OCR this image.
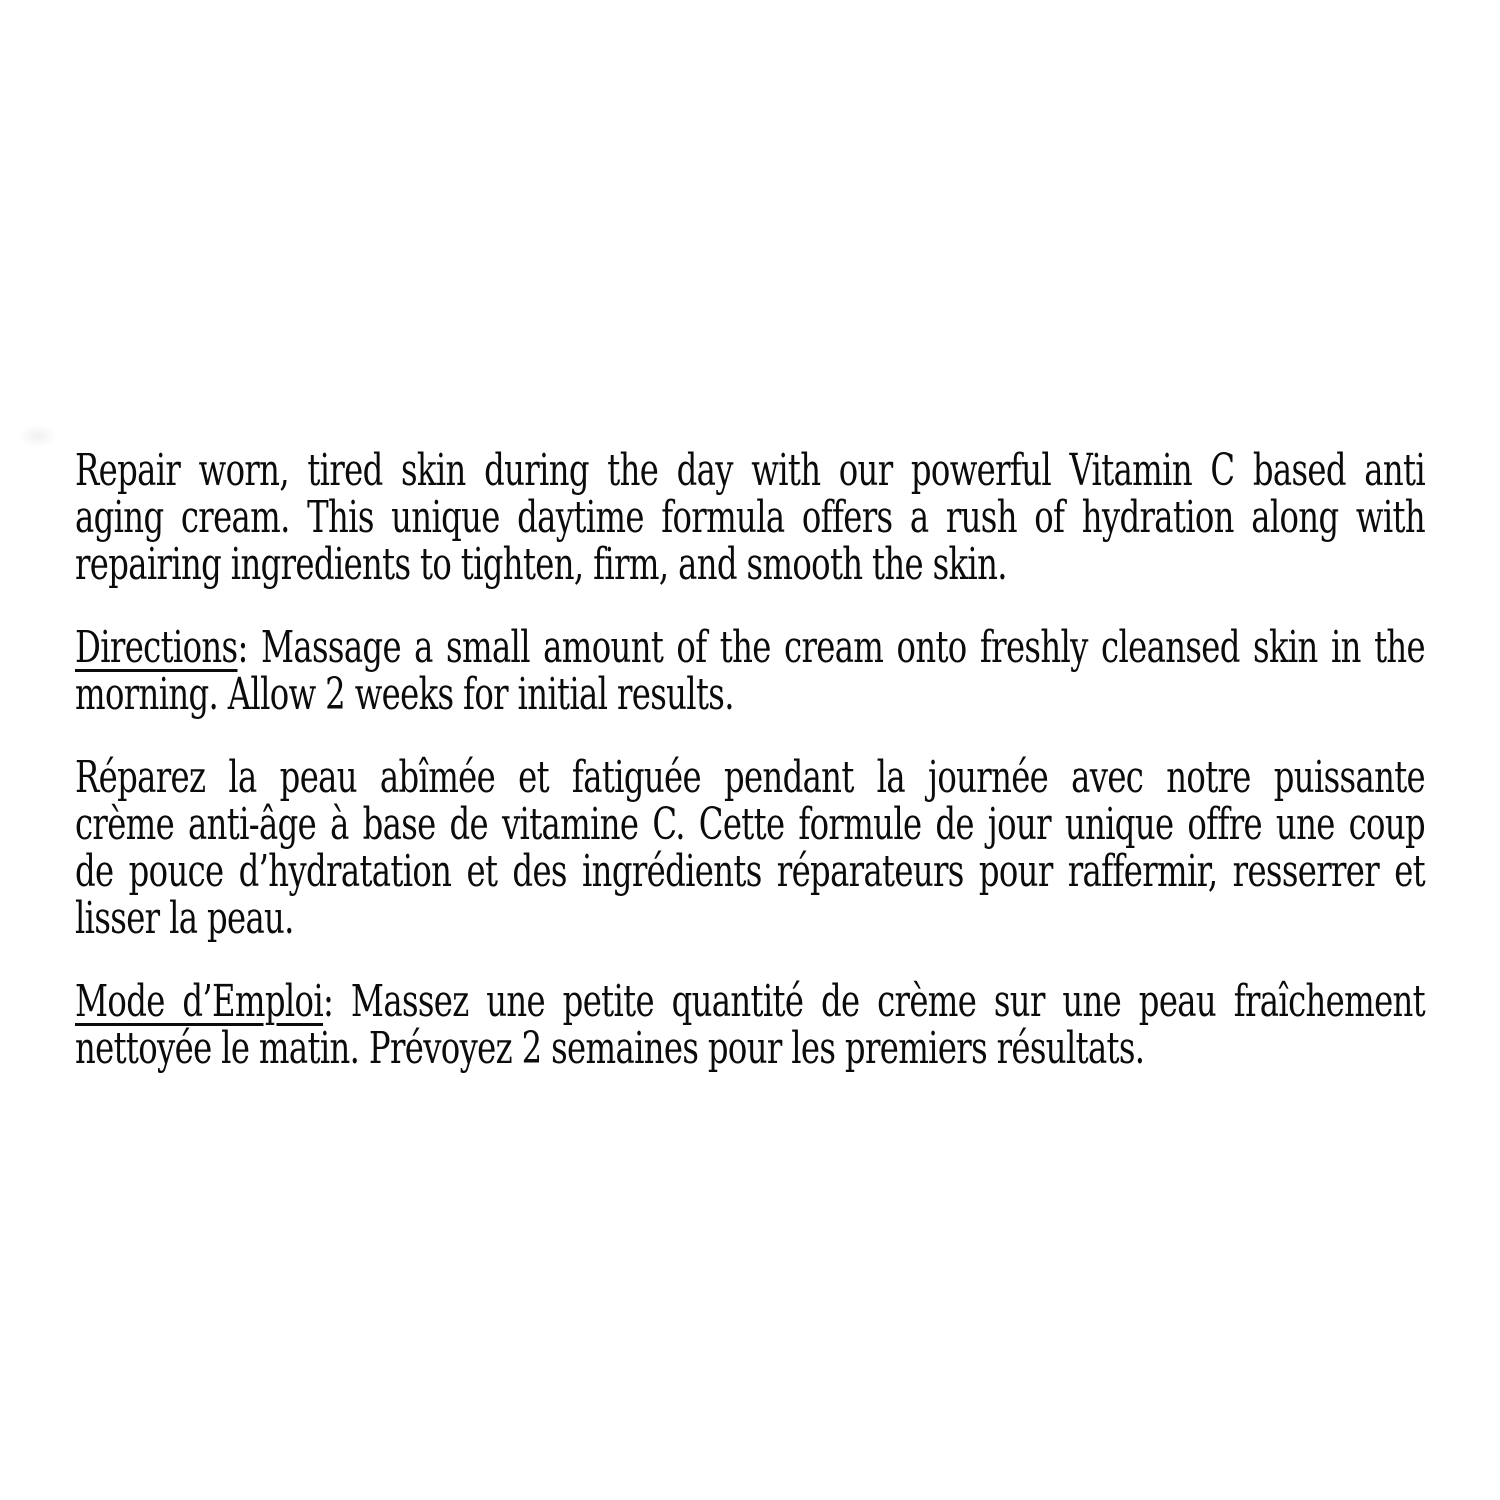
Repair worn, tired skin during the day with our powerful Vitamin C based anti
aging cream. This unique daytime formula offers a rush of hydration along with
repairing ingredients to tighten, firm, and smooth the skin.
Directions: Massage a small amount of the cream onto freshly cleansed skin in the
morning. Allow 2 weeks for initial results.
Réparez la peau abîmée et fatiguée pendant la journée avec notre puissante
crème anti-âge à base de vitamine C. Cette formule de jour unique offre une coup
de pouce d’hydratation et des ingrédients réparateurs pour raffermir, resserrer et
lisser la peau.
Mode d’Emploi: Massez une petite quantité de crème sur une peau fraîchement
nettoyée le matin. Prévoyez 2 semaines pour les premiers résultats.
